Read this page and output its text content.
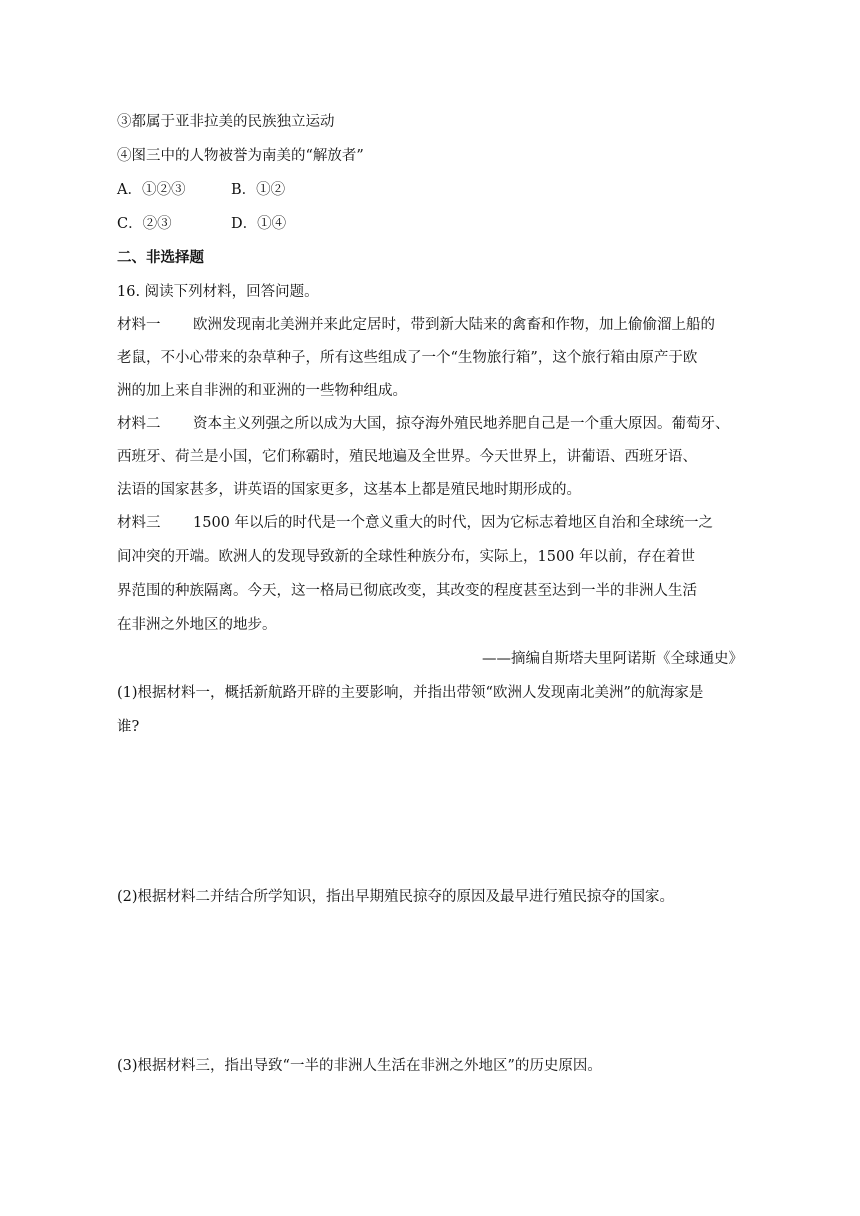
③都属于亚非拉美的民族独立运动
④图三中的人物被誉为南美的“解放者”
A．①②③	B．①②
C．②③	D．①④
二、非选择题
16. 阅读下列材料，回答问题。
材料一 欧洲发现南北美洲并来此定居时，带到新大陆来的禽畜和作物，加上偷偷溜上船的
老鼠，不小心带来的杂草种子，所有这些组成了一个“生物旅行箱”，这个旅行箱由原产于欧
洲的加上来自非洲的和亚洲的一些物种组成。
材料二 资本主义列强之所以成为大国，掠夺海外殖民地养肥自己是一个重大原因。葡萄牙、
西班牙、荷兰是小国，它们称霸时，殖民地遍及全世界。今天世界上，讲葡语、西班牙语、
法语的国家甚多，讲英语的国家更多，这基本上都是殖民地时期形成的。
材料三 1500 年以后的时代是一个意义重大的时代，因为它标志着地区自治和全球统一之
间冲突的开端。欧洲人的发现导致新的全球性种族分布，实际上，1500 年以前，存在着世
界范围的种族隔离。今天，这一格局已彻底改变，其改变的程度甚至达到一半的非洲人生活
在非洲之外地区的地步。
——摘编自斯塔夫里阿诺斯《全球通史》
(1)根据材料一，概括新航路开辟的主要影响，并指出带领“欧洲人发现南北美洲”的航海家是
谁?
(2)根据材料二并结合所学知识，指出早期殖民掠夺的原因及最早进行殖民掠夺的国家。
(3)根据材料三，指出导致“一半的非洲人生活在非洲之外地区”的历史原因。
